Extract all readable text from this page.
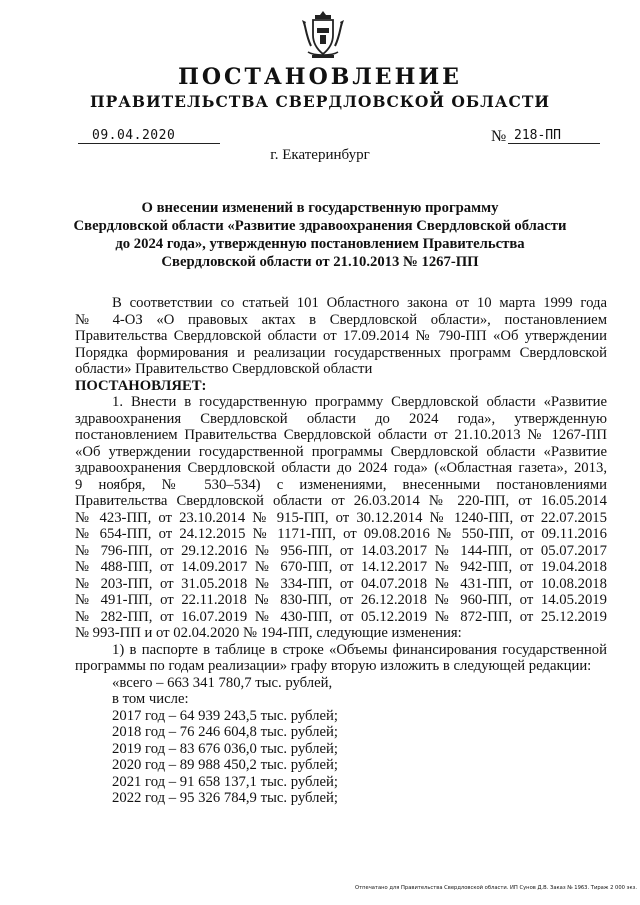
ПОСТАНОВЛЕНИЕ
ПРАВИТЕЛЬСТВА СВЕРДЛОВСКОЙ ОБЛАСТИ
09.04.2020	№ 218-ПП
г. Екатеринбург
О внесении изменений в государственную программу
Свердловской области «Развитие здравоохранения Свердловской области
до 2024 года», утвержденную постановлением Правительства
Свердловской области от 21.10.2013 № 1267-ПП

В соответствии со статьей 101 Областного закона от 10 марта 1999 года

№ 4-ОЗ «О правовых актах в Свердловской области», постановлением

Правительства Свердловской области от 17.09.2014 № 790-ПП «Об утверждении

Порядка формирования и реализации государственных программ Свердловской

области» Правительство Свердловской области

ПОСТАНОВЛЯЕТ:

1. Внести в государственную программу Свердловской области «Развитие

здравоохранения Свердловской области до 2024 года», утвержденную

постановлением Правительства Свердловской области от 21.10.2013 № 1267-ПП

«Об утверждении государственной программы Свердловской области «Развитие

здравоохранения Свердловской области до 2024 года» («Областная газета», 2013,

9 ноября, № 530–534) с изменениями, внесенными постановлениями

Правительства Свердловской области от 26.03.2014 № 220-ПП, от 16.05.2014

№ 423-ПП, от 23.10.2014 № 915-ПП, от 30.12.2014 № 1240-ПП, от 22.07.2015

№ 654-ПП, от 24.12.2015 № 1171-ПП, от 09.08.2016 № 550-ПП, от 09.11.2016

№ 796-ПП, от 29.12.2016 № 956-ПП, от 14.03.2017 № 144-ПП, от 05.07.2017

№ 488-ПП, от 14.09.2017 № 670-ПП, от 14.12.2017 № 942-ПП, от 19.04.2018

№ 203-ПП, от 31.05.2018 № 334-ПП, от 04.07.2018 № 431-ПП, от 10.08.2018

№ 491-ПП, от 22.11.2018 № 830-ПП, от 26.12.2018 № 960-ПП, от 14.05.2019

№ 282-ПП, от 16.07.2019 № 430-ПП, от 05.12.2019 № 872-ПП, от 25.12.2019

№ 993-ПП и от 02.04.2020 № 194-ПП, следующие изменения:

1) в паспорте в таблице в строке «Объемы финансирования государственной

программы по годам реализации» графу вторую изложить в следующей редакции:

«всего – 663 341 780,7 тыс. рублей,

в том числе:

2017 год – 64 939 243,5 тыс. рублей;

2018 год – 76 246 604,8 тыс. рублей;

2019 год – 83 676 036,0 тыс. рублей;

2020 год – 89 988 450,2 тыс. рублей;

2021 год – 91 658 137,1 тыс. рублей;

2022 год – 95 326 784,9 тыс. рублей;

Отпечатано для Правительства Свердловской области. ИП Сунов Д.В. Заказ № 1963. Тираж 2 000 экз.
